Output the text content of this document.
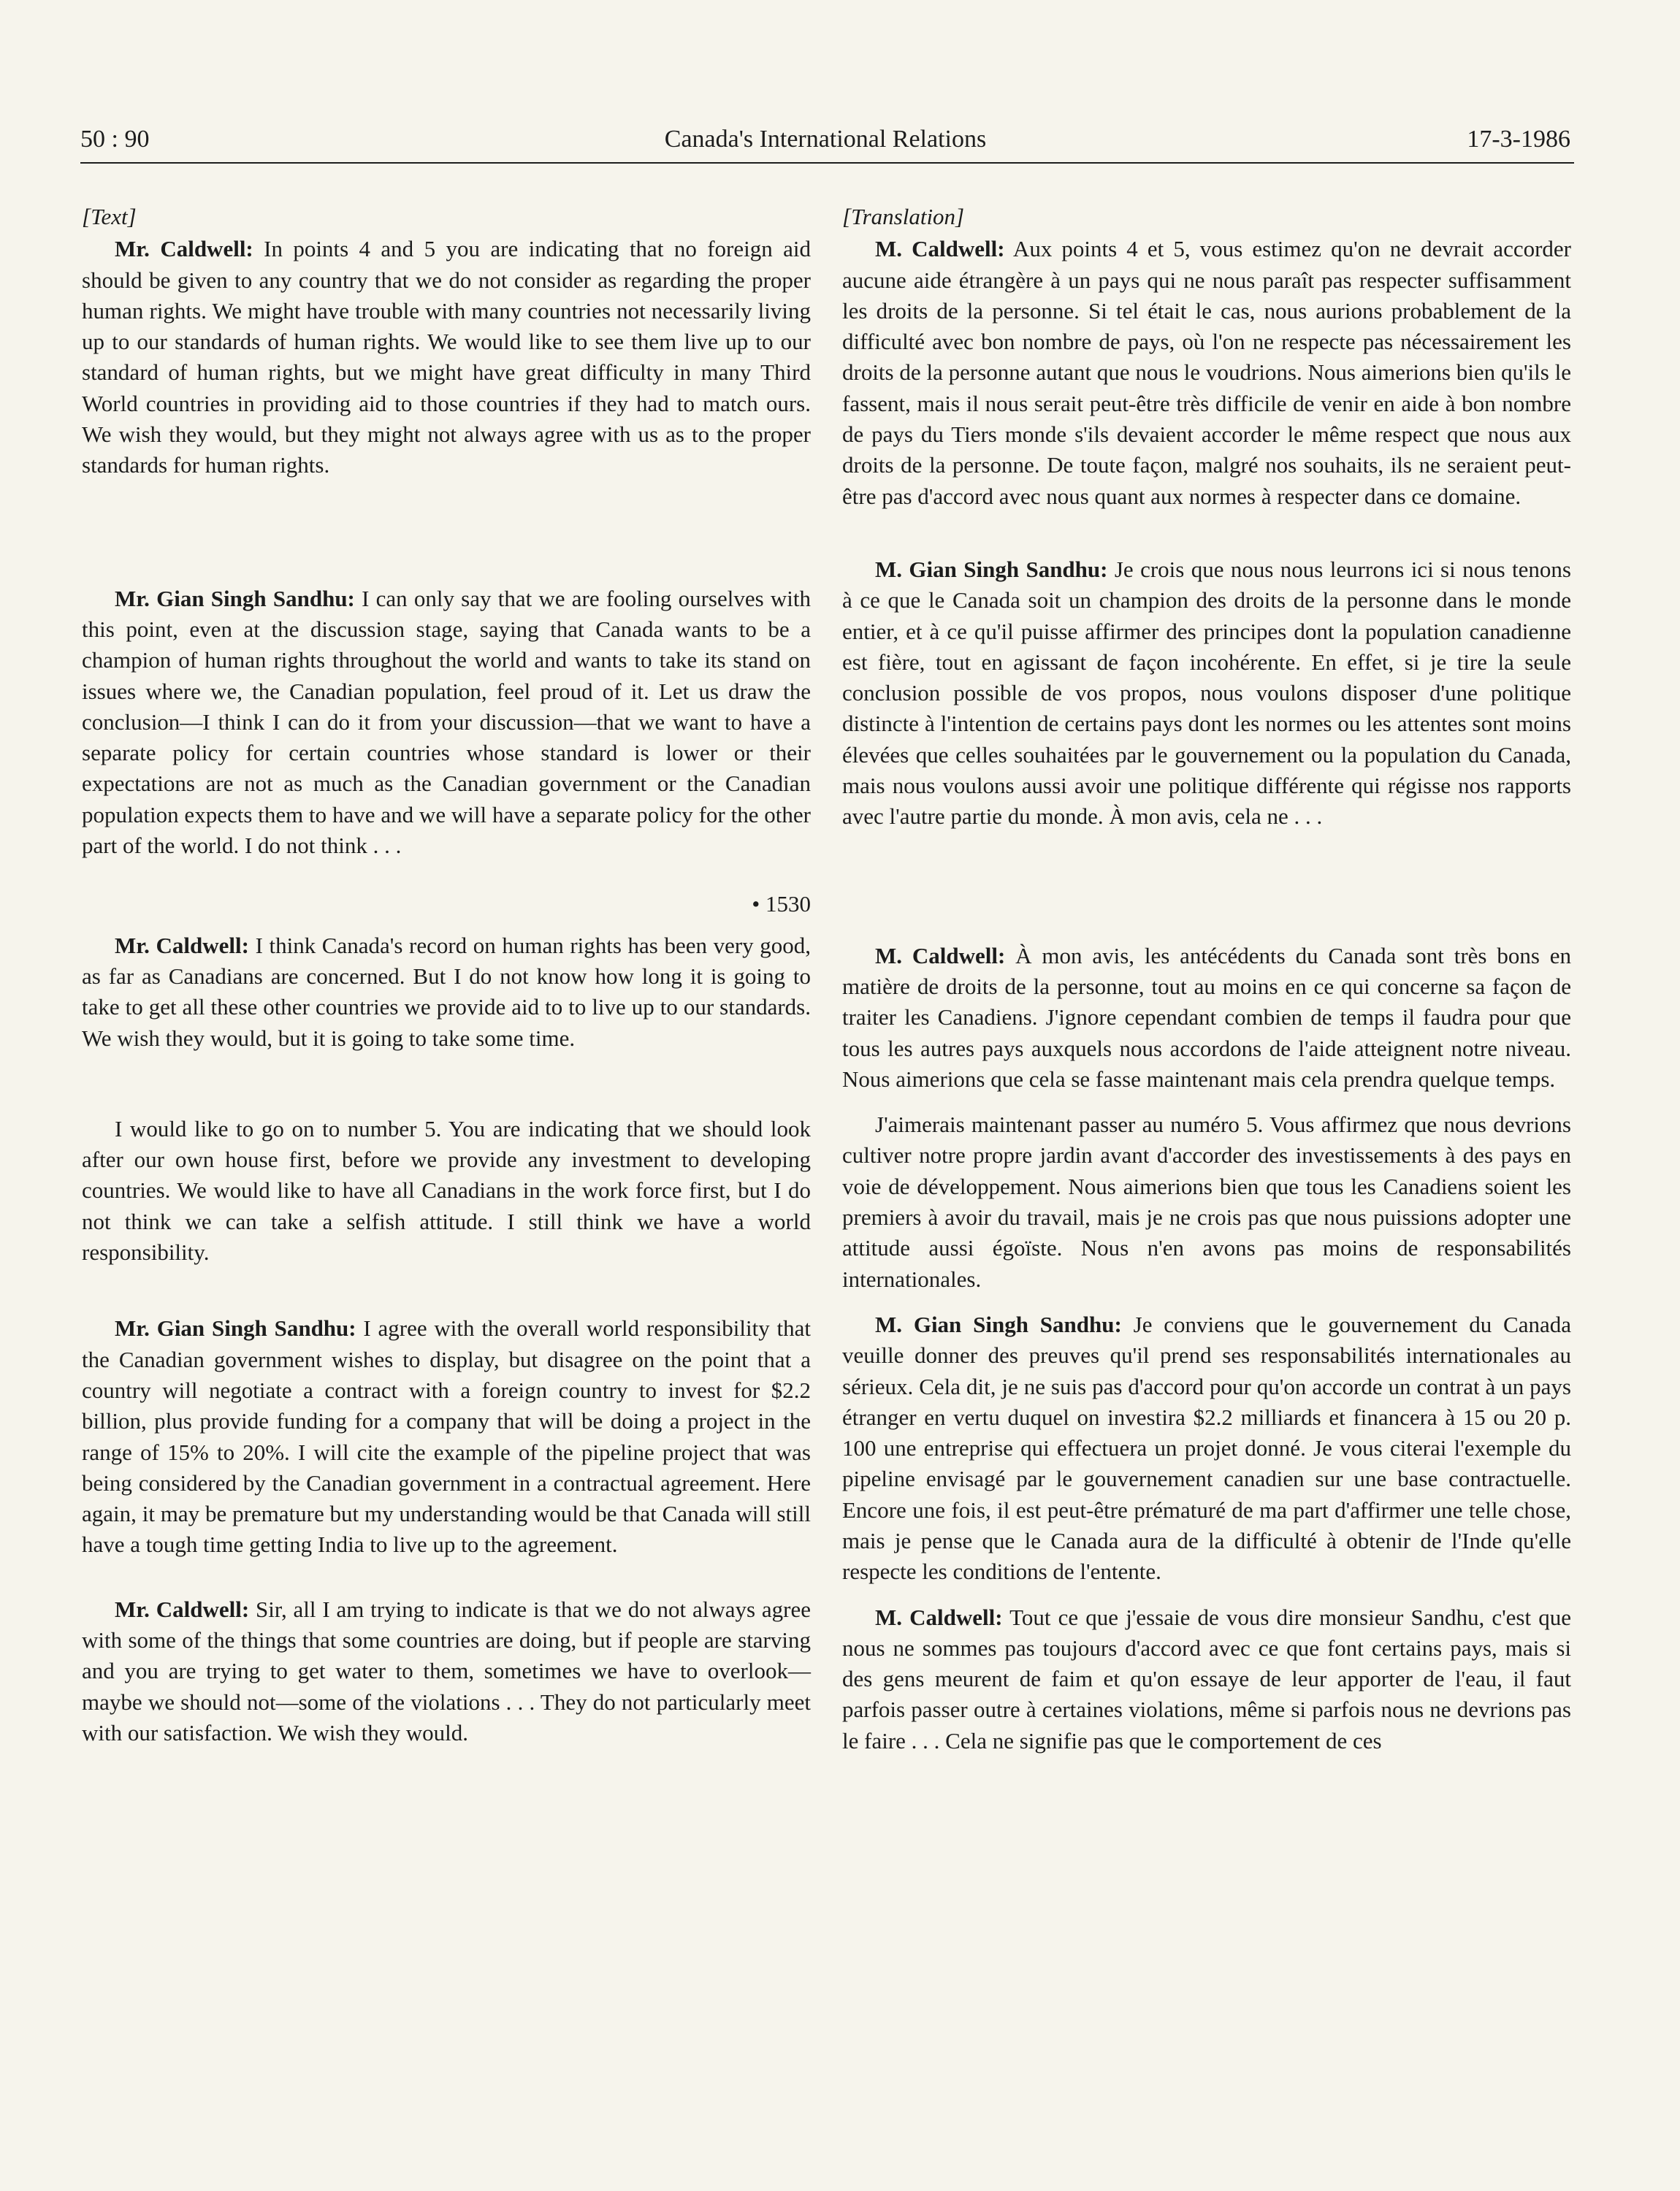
50 : 90	Canada's International Relations	17-3-1986
[Text]

Mr. Caldwell: In points 4 and 5 you are indicating that no foreign aid should be given to any country that we do not consider as regarding the proper human rights. We might have trouble with many countries not necessarily living up to our standards of human rights. We would like to see them live up to our standard of human rights, but we might have great difficulty in many Third World countries in providing aid to those countries if they had to match ours. We wish they would, but they might not always agree with us as to the proper standards for human rights.

Mr. Gian Singh Sandhu: I can only say that we are fooling ourselves with this point, even at the discussion stage, saying that Canada wants to be a champion of human rights throughout the world and wants to take its stand on issues where we, the Canadian population, feel proud of it. Let us draw the conclusion—I think I can do it from your discussion—that we want to have a separate policy for certain countries whose standard is lower or their expectations are not as much as the Canadian government or the Canadian population expects them to have and we will have a separate policy for the other part of the world. I do not think . . .

• 1530

Mr. Caldwell: I think Canada's record on human rights has been very good, as far as Canadians are concerned. But I do not know how long it is going to take to get all these other countries we provide aid to to live up to our standards. We wish they would, but it is going to take some time.

I would like to go on to number 5. You are indicating that we should look after our own house first, before we provide any investment to developing countries. We would like to have all Canadians in the work force first, but I do not think we can take a selfish attitude. I still think we have a world responsibility.

Mr. Gian Singh Sandhu: I agree with the overall world responsibility that the Canadian government wishes to display, but disagree on the point that a country will negotiate a contract with a foreign country to invest for $2.2 billion, plus provide funding for a company that will be doing a project in the range of 15% to 20%. I will cite the example of the pipeline project that was being considered by the Canadian government in a contractual agreement. Here again, it may be premature but my understanding would be that Canada will still have a tough time getting India to live up to the agreement.

Mr. Caldwell: Sir, all I am trying to indicate is that we do not always agree with some of the things that some countries are doing, but if people are starving and you are trying to get water to them, sometimes we have to overlook—maybe we should not—some of the violations . . . They do not particularly meet with our satisfaction. We wish they would.

[Translation]

M. Caldwell: Aux points 4 et 5, vous estimez qu'on ne devrait accorder aucune aide étrangère à un pays qui ne nous paraît pas respecter suffisamment les droits de la personne. Si tel était le cas, nous aurions probablement de la difficulté avec bon nombre de pays, où l'on ne respecte pas nécessairement les droits de la personne autant que nous le voudrions. Nous aimerions bien qu'ils le fassent, mais il nous serait peut-être très difficile de venir en aide à bon nombre de pays du Tiers monde s'ils devaient accorder le même respect que nous aux droits de la personne. De toute façon, malgré nos souhaits, ils ne seraient peut-être pas d'accord avec nous quant aux normes à respecter dans ce domaine.

M. Gian Singh Sandhu: Je crois que nous nous leurrons ici si nous tenons à ce que le Canada soit un champion des droits de la personne dans le monde entier, et à ce qu'il puisse affirmer des principes dont la population canadienne est fière, tout en agissant de façon incohérente. En effet, si je tire la seule conclusion possible de vos propos, nous voulons disposer d'une politique distincte à l'intention de certains pays dont les normes ou les attentes sont moins élevées que celles souhaitées par le gouvernement ou la population du Canada, mais nous voulons aussi avoir une politique différente qui régisse nos rapports avec l'autre partie du monde. À mon avis, cela ne . . .

M. Caldwell: À mon avis, les antécédents du Canada sont très bons en matière de droits de la personne, tout au moins en ce qui concerne sa façon de traiter les Canadiens. J'ignore cependant combien de temps il faudra pour que tous les autres pays auxquels nous accordons de l'aide atteignent notre niveau. Nous aimerions que cela se fasse maintenant mais cela prendra quelque temps.

J'aimerais maintenant passer au numéro 5. Vous affirmez que nous devrions cultiver notre propre jardin avant d'accorder des investissements à des pays en voie de développement. Nous aimerions bien que tous les Canadiens soient les premiers à avoir du travail, mais je ne crois pas que nous puissions adopter une attitude aussi égoïste. Nous n'en avons pas moins de responsabilités internationales.

M. Gian Singh Sandhu: Je conviens que le gouvernement du Canada veuille donner des preuves qu'il prend ses responsabilités internationales au sérieux. Cela dit, je ne suis pas d'accord pour qu'on accorde un contrat à un pays étranger en vertu duquel on investira $2.2 milliards et financera à 15 ou 20 p. 100 une entreprise qui effectuera un projet donné. Je vous citerai l'exemple du pipeline envisagé par le gouvernement canadien sur une base contractuelle. Encore une fois, il est peut-être prématuré de ma part d'affirmer une telle chose, mais je pense que le Canada aura de la difficulté à obtenir de l'Inde qu'elle respecte les conditions de l'entente.

M. Caldwell: Tout ce que j'essaie de vous dire monsieur Sandhu, c'est que nous ne sommes pas toujours d'accord avec ce que font certains pays, mais si des gens meurent de faim et qu'on essaye de leur apporter de l'eau, il faut parfois passer outre à certaines violations, même si parfois nous ne devrions pas le faire . . . Cela ne signifie pas que le comportement de ces
